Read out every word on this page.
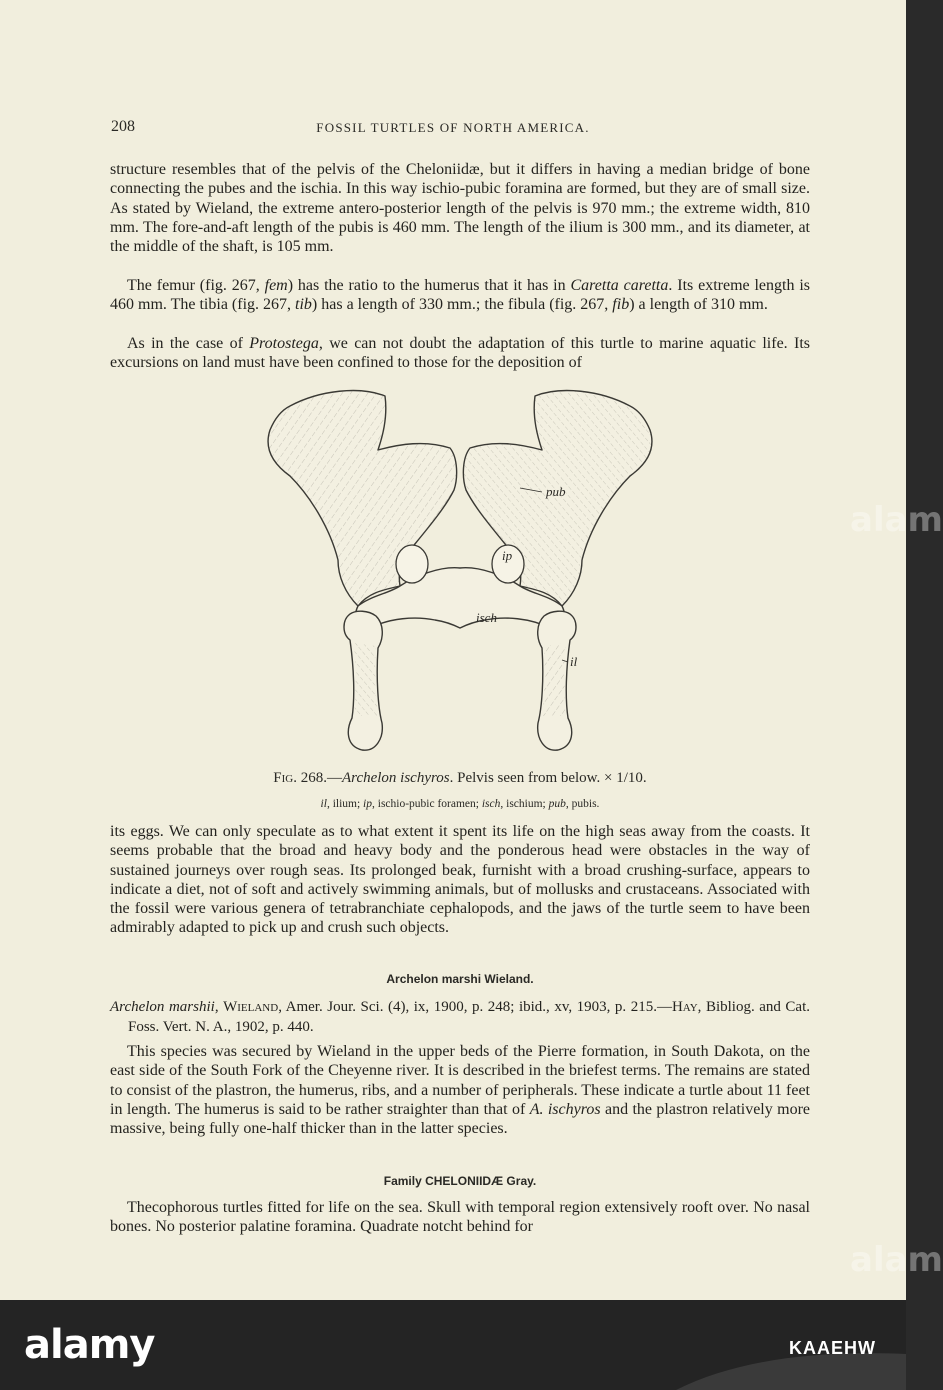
208	FOSSIL TURTLES OF NORTH AMERICA.

structure resembles that of the pelvis of the Cheloniidæ, but it differs in having a median bridge of bone connecting the pubes and the ischia. In this way ischio-pubic foramina are formed, but they are of small size. As stated by Wieland, the extreme antero-posterior length of the pelvis is 970 mm.; the extreme width, 810 mm. The fore-and-aft length of the pubis is 460 mm. The length of the ilium is 300 mm., and its diameter, at the middle of the shaft, is 105 mm.

The femur (fig. 267, fem) has the ratio to the humerus that it has in Caretta caretta. Its extreme length is 460 mm. The tibia (fig. 267, tib) has a length of 330 mm.; the fibula (fig. 267, fib) a length of 310 mm.

As in the case of Protostega, we can not doubt the adaptation of this turtle to marine aquatic life. Its excursions on land must have been confined to those for the deposition of

pub
ip
isch
il
Fig. 268.—Archelon ischyros. Pelvis seen from below. × 1/10.
il, ilium; ip, ischio-pubic foramen; isch, ischium; pub, pubis.

its eggs. We can only speculate as to what extent it spent its life on the high seas away from the coasts. It seems probable that the broad and heavy body and the ponderous head were obstacles in the way of sustained journeys over rough seas. Its prolonged beak, furnisht with a broad crushing-surface, appears to indicate a diet, not of soft and actively swimming animals, but of mollusks and crustaceans. Associated with the fossil were various genera of tetrabranchiate cephalopods, and the jaws of the turtle seem to have been admirably adapted to pick up and crush such objects.

Archelon marshi Wieland.

Archelon marshii, Wieland, Amer. Jour. Sci. (4), ix, 1900, p. 248; ibid., xv, 1903, p. 215.—Hay, Bibliog. and Cat. Foss. Vert. N. A., 1902, p. 440.

This species was secured by Wieland in the upper beds of the Pierre formation, in South Dakota, on the east side of the South Fork of the Cheyenne river. It is described in the briefest terms. The remains are stated to consist of the plastron, the humerus, ribs, and a number of peripherals. These indicate a turtle about 11 feet in length. The humerus is said to be rather straighter than that of A. ischyros and the plastron relatively more massive, being fully one-half thicker than in the latter species.

Family CHELONIIDÆ Gray.

Thecophorous turtles fitted for life on the sea. Skull with temporal region extensively rooft over. No nasal bones. No posterior palatine foramina. Quadrate notcht behind for

alam
alam
alamy	KAAEHW
